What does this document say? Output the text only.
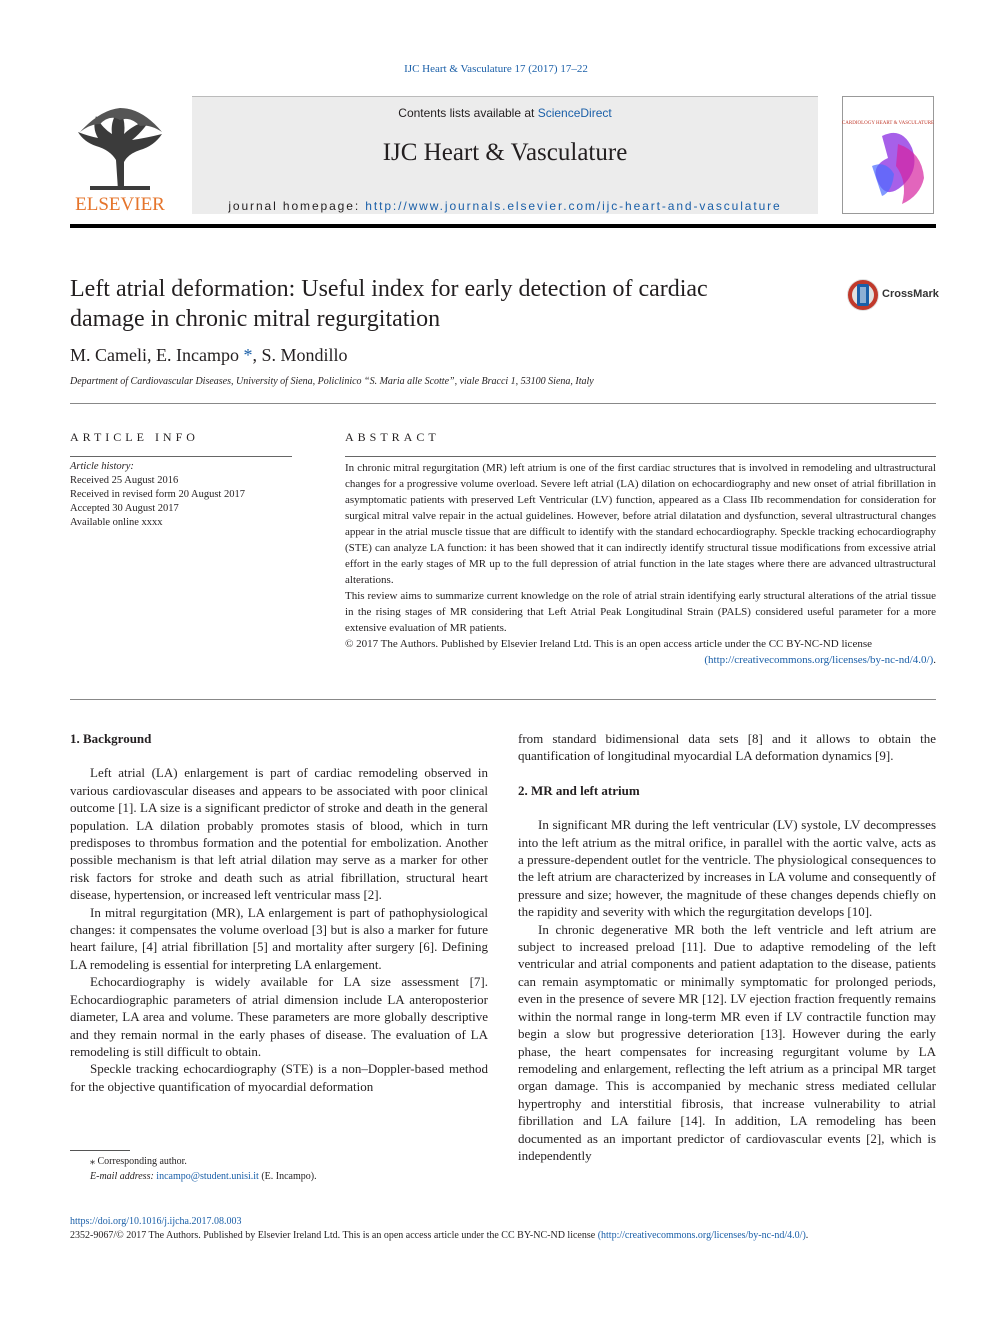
IJC Heart & Vasculature 17 (2017) 17–22
ELSEVIER
Contents lists available at ScienceDirect
IJC Heart & Vasculature
journal homepage: http://www.journals.elsevier.com/ijc-heart-and-vasculature
CARDIOLOGY HEART & VASCULATURE
Left atrial deformation: Useful index for early detection of cardiac damage in chronic mitral regurgitation
CrossMark
M. Cameli, E. Incampo *, S. Mondillo
Department of Cardiovascular Diseases, University of Siena, Policlinico “S. Maria alle Scotte”, viale Bracci 1, 53100 Siena, Italy
ARTICLE INFO	ABSTRACT
Article history:
Received 25 August 2016
Received in revised form 20 August 2017
Accepted 30 August 2017
Available online xxxx

In chronic mitral regurgitation (MR) left atrium is one of the first cardiac structures that is involved in remodeling and ultrastructural changes for a progressive volume overload. Severe left atrial (LA) dilation on echocardiography and new onset of atrial fibrillation in asymptomatic patients with preserved Left Ventricular (LV) function, appeared as a Class IIb recommendation for consideration for surgical mitral valve repair in the actual guidelines. However, before atrial dilatation and dysfunction, several ultrastructural changes appear in the atrial muscle tissue that are difficult to identify with the standard echocardiography. Speckle tracking echocardiography (STE) can analyze LA function: it has been showed that it can indirectly identify structural tissue modifications from excessive atrial effort in the early stages of MR up to the full depression of atrial function in the late stages where there are advanced ultrastructural alterations.

This review aims to summarize current knowledge on the role of atrial strain identifying early structural alterations of the atrial tissue in the rising stages of MR considering that Left Atrial Peak Longitudinal Strain (PALS) considered useful parameter for a more extensive evaluation of MR patients.

© 2017 The Authors. Published by Elsevier Ireland Ltd. This is an open access article under the CC BY-NC-ND license

(http://creativecommons.org/licenses/by-nc-nd/4.0/).

1. Background

Left atrial (LA) enlargement is part of cardiac remodeling observed in various cardiovascular diseases and appears to be associated with poor clinical outcome [1]. LA size is a significant predictor of stroke and death in the general population. LA dilation probably promotes stasis of blood, which in turn predisposes to thrombus formation and the potential for embolization. Another possible mechanism is that left atrial dilation may serve as a marker for other risk factors for stroke and death such as atrial fibrillation, structural heart disease, hypertension, or increased left ventricular mass [2].

In mitral regurgitation (MR), LA enlargement is part of pathophysiological changes: it compensates the volume overload [3] but is also a marker for future heart failure, [4] atrial fibrillation [5] and mortality after surgery [6]. Defining LA remodeling is essential for interpreting LA enlargement.

Echocardiography is widely available for LA size assessment [7]. Echocardiographic parameters of atrial dimension include LA anteroposterior diameter, LA area and volume. These parameters are more globally descriptive and they remain normal in the early phases of disease. The evaluation of LA remodeling is still difficult to obtain.

Speckle tracking echocardiography (STE) is a non–Doppler-based method for the objective quantification of myocardial deformation

from standard bidimensional data sets [8] and it allows to obtain the quantification of longitudinal myocardial LA deformation dynamics [9].

2. MR and left atrium

In significant MR during the left ventricular (LV) systole, LV decompresses into the left atrium as the mitral orifice, in parallel with the aortic valve, acts as a pressure-dependent outlet for the ventricle. The physiological consequences to the left atrium are characterized by increases in LA volume and consequently of pressure and size; however, the magnitude of these changes depends chiefly on the rapidity and severity with which the regurgitation develops [10].

In chronic degenerative MR both the left ventricle and left atrium are subject to increased preload [11]. Due to adaptive remodeling of the left ventricular and atrial components and patient adaptation to the disease, patients can remain asymptomatic or minimally symptomatic for prolonged periods, even in the presence of severe MR [12]. LV ejection fraction frequently remains within the normal range in long-term MR even if LV contractile function may begin a slow but progressive deterioration [13]. However during the early phase, the heart compensates for increasing regurgitant volume by LA remodeling and enlargement, reflecting the left atrium as a principal MR target organ damage. This is accompanied by mechanic stress mediated cellular hypertrophy and interstitial fibrosis, that increase vulnerability to atrial fibrillation and LA failure [14]. In addition, LA remodeling has been documented as an important predictor of cardiovascular events [2], which is independently

⁎ Corresponding author.
E-mail address: incampo@student.unisi.it (E. Incampo).
https://doi.org/10.1016/j.ijcha.2017.08.003
2352-9067/© 2017 The Authors. Published by Elsevier Ireland Ltd. This is an open access article under the CC BY-NC-ND license (http://creativecommons.org/licenses/by-nc-nd/4.0/).
